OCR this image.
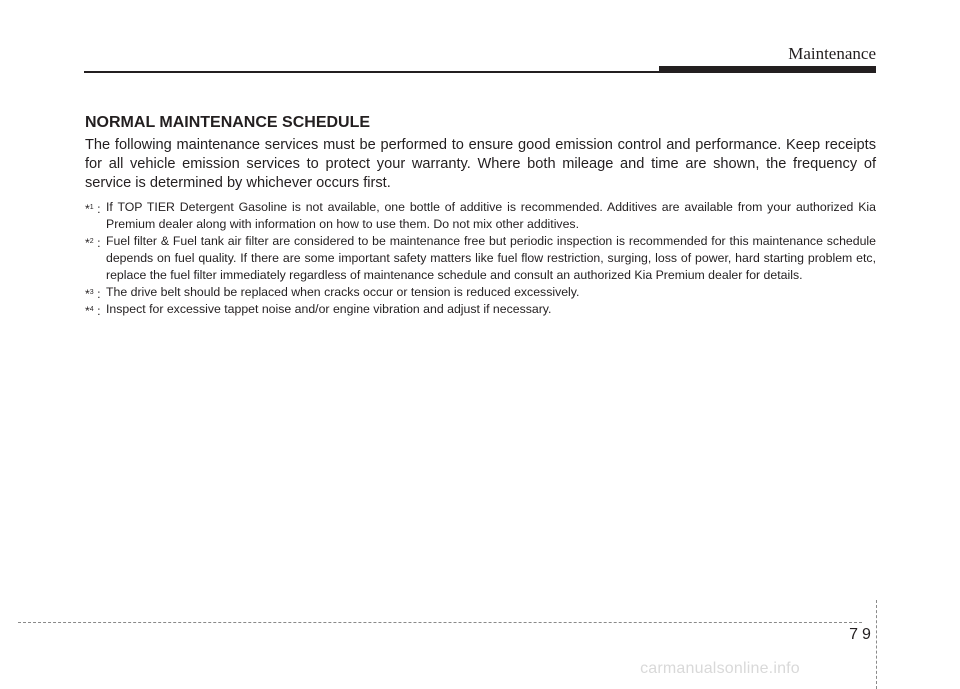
Maintenance
NORMAL MAINTENANCE SCHEDULE

The following maintenance services must be performed to ensure good emission control and performance. Keep receipts for all vehicle emission services to protect your warranty. Where both mileage and time are shown, the frequency of service is determined by whichever occurs first.

*$^1$ : If TOP TIER Detergent Gasoline is not available, one bottle of additive is recommended. Additives are available from your authorized Kia Premium dealer along with information on how to use them. Do not mix other additives.
*$^2$ : Fuel filter & Fuel tank air filter are considered to be maintenance free but periodic inspection is recommended for this maintenance schedule depends on fuel quality. If there are some important safety matters like fuel flow restriction, surging, loss of power, hard starting problem etc, replace the fuel filter immediately regardless of maintenance schedule and consult an authorized Kia Premium dealer for details.
*$^3$ : The drive belt should be replaced when cracks occur or tension is reduced excessively.
*$^4$ : Inspect for excessive tappet noise and/or engine vibration and adjust if necessary.
79
carmanualsonline.info
